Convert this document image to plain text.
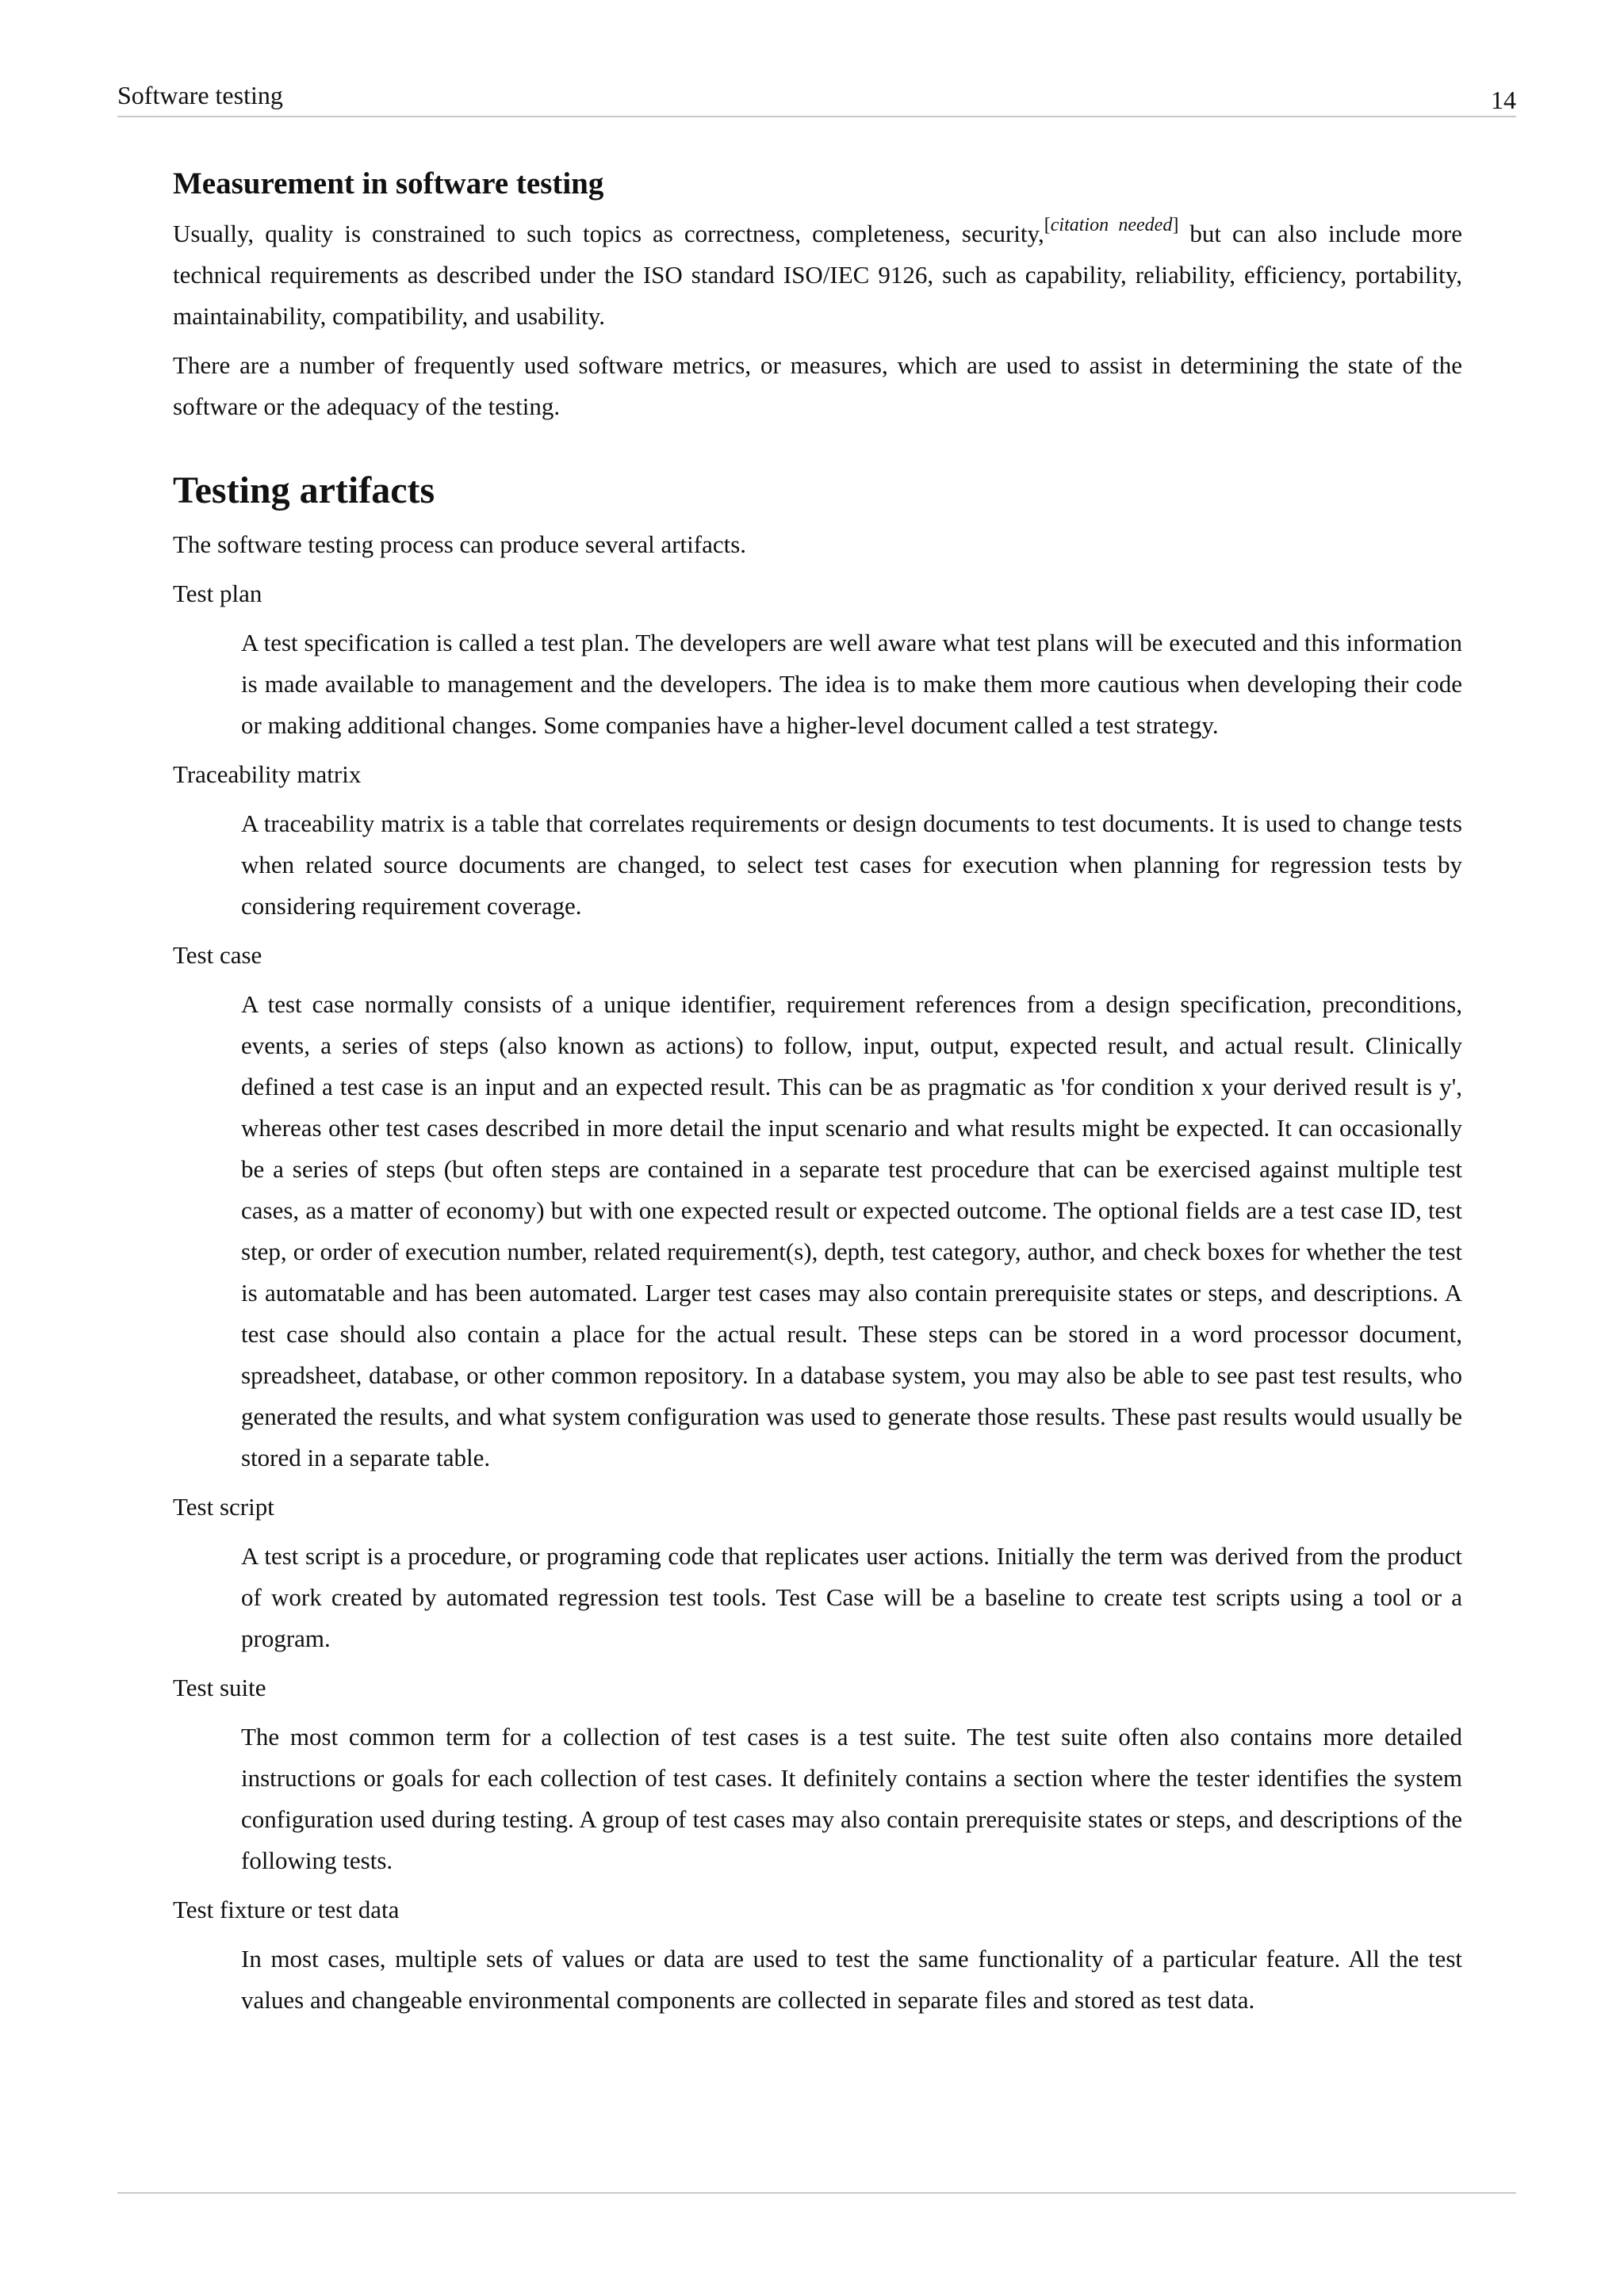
Software testing	14
Measurement in software testing

Usually, quality is constrained to such topics as correctness, completeness, security,[citation needed] but can also include more technical requirements as described under the ISO standard ISO/IEC 9126, such as capability, reliability, efficiency, portability, maintainability, compatibility, and usability.

There are a number of frequently used software metrics, or measures, which are used to assist in determining the state of the software or the adequacy of the testing.

Testing artifacts

The software testing process can produce several artifacts.

Test plan
A test specification is called a test plan. The developers are well aware what test plans will be executed and this information is made available to management and the developers. The idea is to make them more cautious when developing their code or making additional changes. Some companies have a higher-level document called a test strategy.
Traceability matrix
A traceability matrix is a table that correlates requirements or design documents to test documents. It is used to change tests when related source documents are changed, to select test cases for execution when planning for regression tests by considering requirement coverage.
Test case
A test case normally consists of a unique identifier, requirement references from a design specification, preconditions, events, a series of steps (also known as actions) to follow, input, output, expected result, and actual result. Clinically defined a test case is an input and an expected result. This can be as pragmatic as 'for condition x your derived result is y', whereas other test cases described in more detail the input scenario and what results might be expected. It can occasionally be a series of steps (but often steps are contained in a separate test procedure that can be exercised against multiple test cases, as a matter of economy) but with one expected result or expected outcome. The optional fields are a test case ID, test step, or order of execution number, related requirement(s), depth, test category, author, and check boxes for whether the test is automatable and has been automated. Larger test cases may also contain prerequisite states or steps, and descriptions. A test case should also contain a place for the actual result. These steps can be stored in a word processor document, spreadsheet, database, or other common repository. In a database system, you may also be able to see past test results, who generated the results, and what system configuration was used to generate those results. These past results would usually be stored in a separate table.
Test script
A test script is a procedure, or programing code that replicates user actions. Initially the term was derived from the product of work created by automated regression test tools. Test Case will be a baseline to create test scripts using a tool or a program.
Test suite
The most common term for a collection of test cases is a test suite. The test suite often also contains more detailed instructions or goals for each collection of test cases. It definitely contains a section where the tester identifies the system configuration used during testing. A group of test cases may also contain prerequisite states or steps, and descriptions of the following tests.
Test fixture or test data
In most cases, multiple sets of values or data are used to test the same functionality of a particular feature. All the test values and changeable environmental components are collected in separate files and stored as test data.
